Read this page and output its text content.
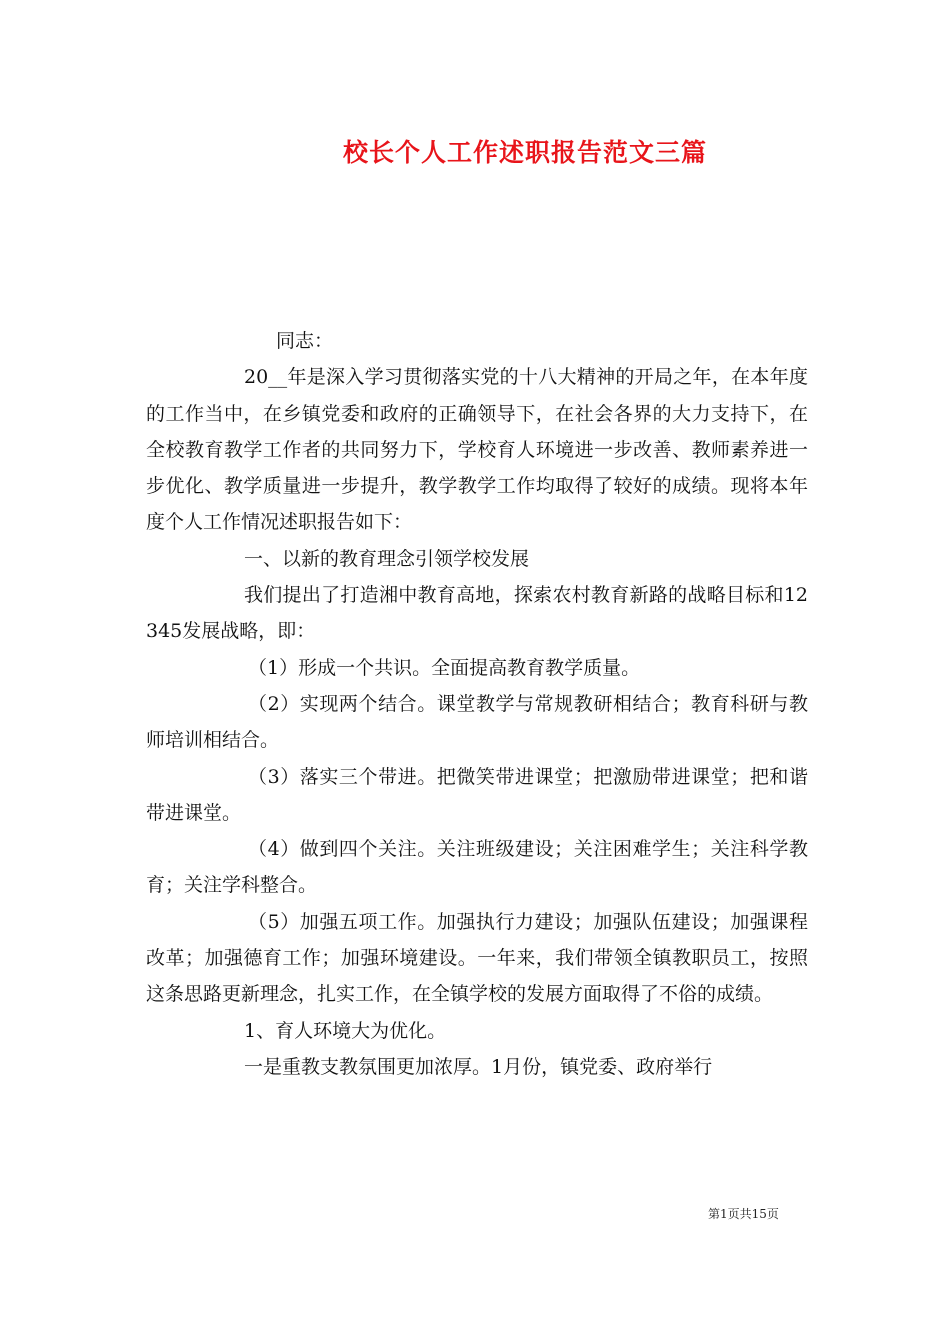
校长个人工作述职报告范文三篇

同志：

20__年是深入学习贯彻落实党的十八大精神的开局之年，在本年度的工作当中，在乡镇党委和政府的正确领导下，在社会各界的大力支持下，在全校教育教学工作者的共同努力下，学校育人环境进一步改善、教师素养进一步优化、教学质量进一步提升，教学教学工作均取得了较好的成绩。现将本年度个人工作情况述职报告如下：

一、以新的教育理念引领学校发展

我们提出了打造湘中教育高地，探索农村教育新路的战略目标和12345发展战略，即：

（1）形成一个共识。全面提高教育教学质量。

（2）实现两个结合。课堂教学与常规教研相结合；教育科研与教师培训相结合。

（3）落实三个带进。把微笑带进课堂；把激励带进课堂；把和谐带进课堂。

（4）做到四个关注。关注班级建设；关注困难学生；关注科学教育；关注学科整合。

（5）加强五项工作。加强执行力建设；加强队伍建设；加强课程改革；加强德育工作；加强环境建设。一年来，我们带领全镇教职员工，按照这条思路更新理念，扎实工作，在全镇学校的发展方面取得了不俗的成绩。

1、育人环境大为优化。

一是重教支教氛围更加浓厚。1月份，镇党委、政府举行

第1页共15页
